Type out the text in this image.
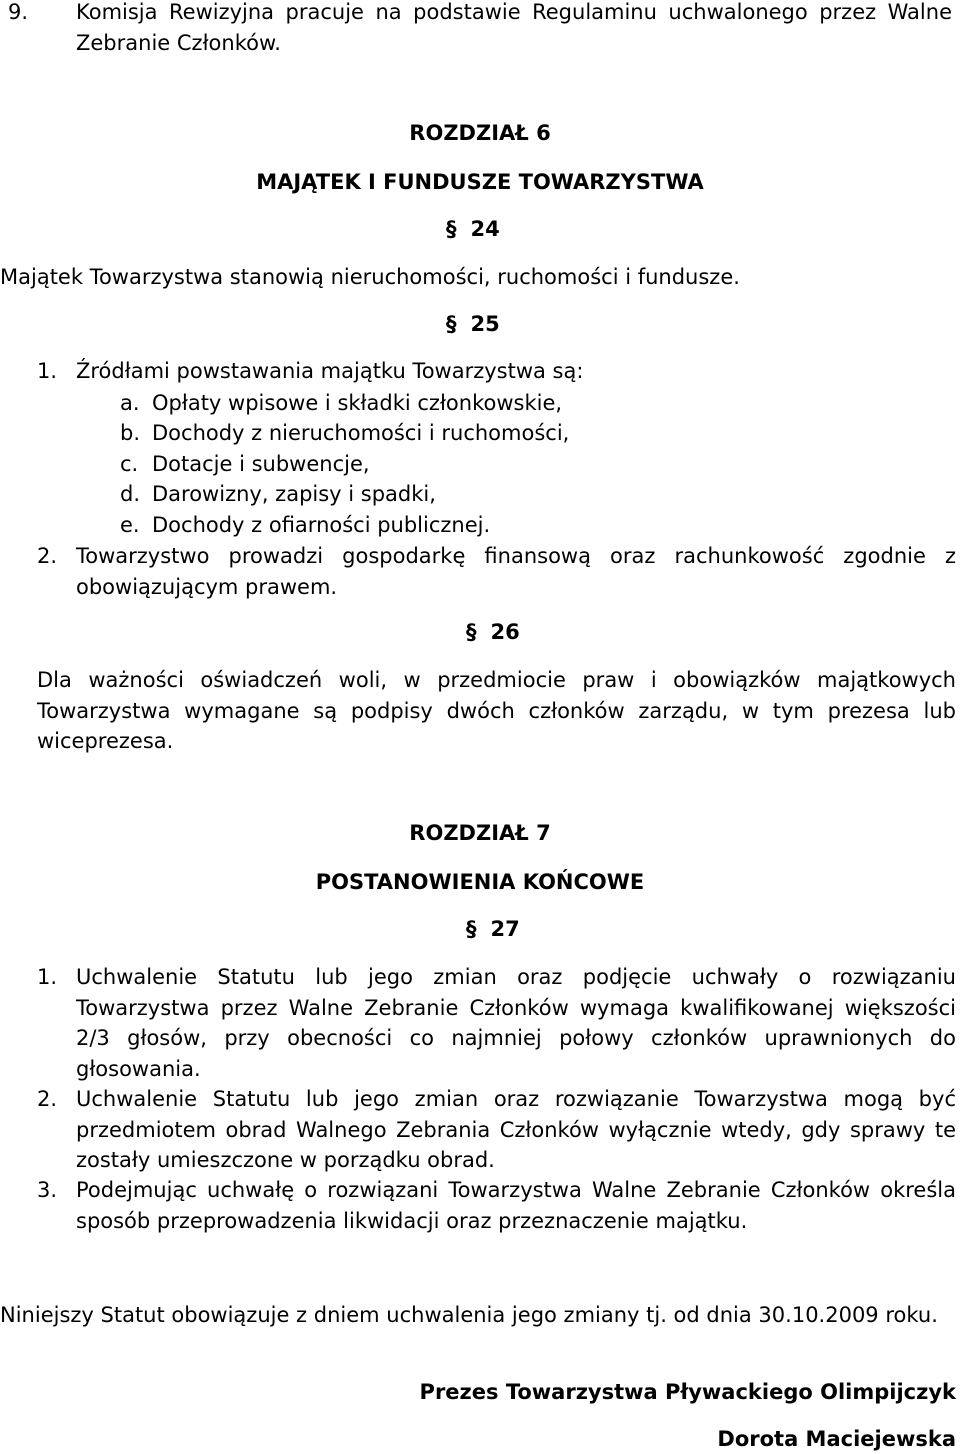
9. Komisja Rewizyjna pracuje na podstawie Regulaminu uchwalonego przez Walne Zebranie Członków.
ROZDZIAŁ 6
MAJĄTEK I FUNDUSZE TOWARZYSTWA
§ 24
Majątek Towarzystwa stanowią nieruchomości, ruchomości i fundusze.
§ 25
1. Źródłami powstawania majątku Towarzystwa są:
a. Opłaty wpisowe i składki członkowskie,
b. Dochody z nieruchomości i ruchomości,
c. Dotacje i subwencje,
d. Darowizny, zapisy i spadki,
e. Dochody z ofiarności publicznej.
2. Towarzystwo prowadzi gospodarkę finansową oraz rachunkowość zgodnie z obowiązującym prawem.
§ 26
Dla ważności oświadczeń woli, w przedmiocie praw i obowiązków majątkowych Towarzystwa wymagane są podpisy dwóch członków zarządu, w tym prezesa lub wiceprezesa.
ROZDZIAŁ 7
POSTANOWIENIA KOŃCOWE
§ 27
1. Uchwalenie Statutu lub jego zmian oraz podjęcie uchwały o rozwiązaniu Towarzystwa przez Walne Zebranie Członków wymaga kwalifikowanej większości 2/3 głosów, przy obecności co najmniej połowy członków uprawnionych do głosowania.
2. Uchwalenie Statutu lub jego zmian oraz rozwiązanie Towarzystwa mogą być przedmiotem obrad Walnego Zebrania Członków wyłącznie wtedy, gdy sprawy te zostały umieszczone w porządku obrad.
3. Podejmując uchwałę o rozwiązani Towarzystwa Walne Zebranie Członków określa sposób przeprowadzenia likwidacji oraz przeznaczenie majątku.
Niniejszy Statut obowiązuje z dniem uchwalenia jego zmiany tj. od dnia 30.10.2009 roku.
Prezes Towarzystwa Pływackiego Olimpijczyk
Dorota Maciejewska
